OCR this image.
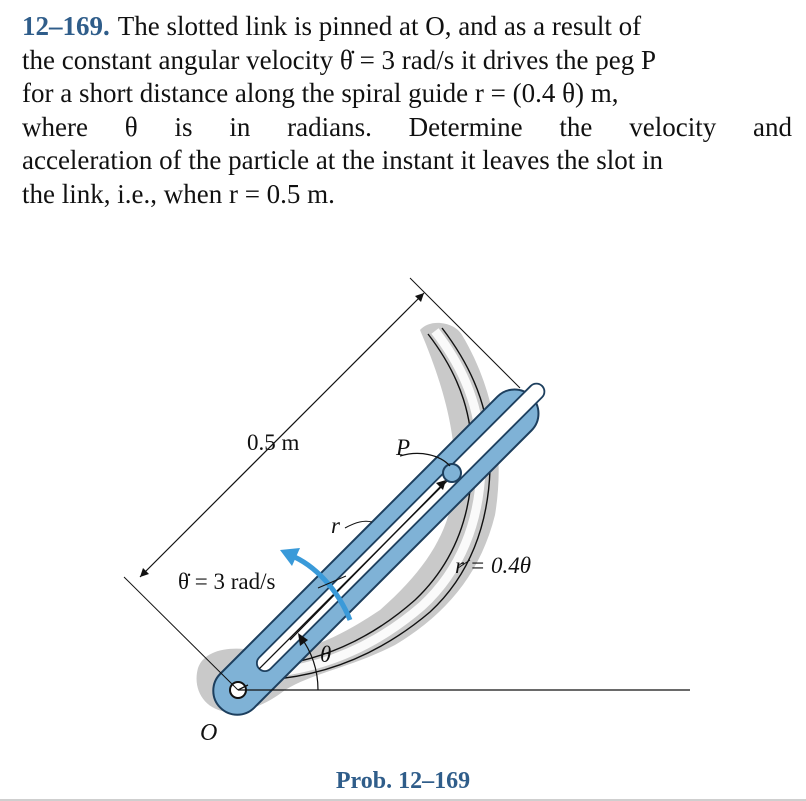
12–169. The slotted link is pinned at O, and as a result of
the constant angular velocity θ̇ = 3 rad/s it drives the peg P
for a short distance along the spiral guide r = (0.4 θ) m,
where θ is in radians. Determine the velocity and
acceleration of the particle at the instant it leaves the slot in
the link, i.e., when r = 0.5 m.
0.5 m	P
r
θ̇ = 3 rad/s
r = 0.4θ
θ
O
Prob. 12–169
